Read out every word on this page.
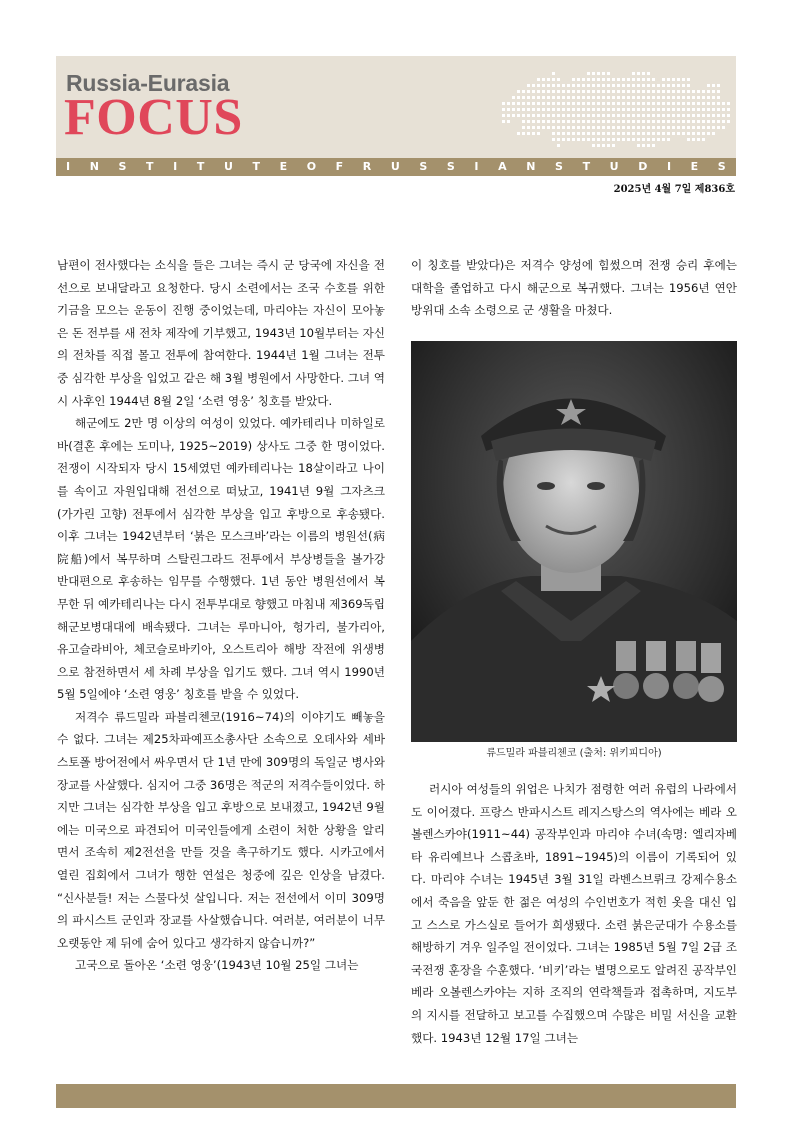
Russia-Eurasia
FOCUS
I N S T I T U T E O F R U S S I A N S T U D I E S
2025년 4월 7일 제836호

남편이 전사했다는 소식을 들은 그녀는 즉시 군 당국에 자신을 전선으로 보내달라고 요청한다. 당시 소련에서는 조국 수호를 위한 기금을 모으는 운동이 진행 중이었는데, 마리야는 자신이 모아놓은 돈 전부를 새 전차 제작에 기부했고, 1943년 10월부터는 자신의 전차를 직접 몰고 전투에 참여한다. 1944년 1월 그녀는 전투 중 심각한 부상을 입었고 같은 해 3월 병원에서 사망한다. 그녀 역시 사후인 1944년 8월 2일 ‘소련 영웅’ 칭호를 받았다.

해군에도 2만 명 이상의 여성이 있었다. 예카테리나 미하일로바(결혼 후에는 도미나, 1925~2019) 상사도 그중 한 명이었다. 전쟁이 시작되자 당시 15세였던 예카테리나는 18살이라고 나이를 속이고 자원입대해 전선으로 떠났고, 1941년 9월 그자츠크(가가린 고향) 전투에서 심각한 부상을 입고 후방으로 후송됐다. 이후 그녀는 1942년부터 ‘붉은 모스크바’라는 이름의 병원선(病院船)에서 복무하며 스탈린그라드 전투에서 부상병들을 볼가강 반대편으로 후송하는 임무를 수행했다. 1년 동안 병원선에서 복무한 뒤 예카테리나는 다시 전투부대로 향했고 마침내 제369독립해군보병대대에 배속됐다. 그녀는 루마니아, 헝가리, 불가리아, 유고슬라비아, 체코슬로바키아, 오스트리아 해방 작전에 위생병으로 참전하면서 세 차례 부상을 입기도 했다. 그녀 역시 1990년 5월 5일에야 ‘소련 영웅’ 칭호를 받을 수 있었다.

저격수 류드밀라 파블리첸코(1916~74)의 이야기도 빼놓을 수 없다. 그녀는 제25차파예프소총사단 소속으로 오데사와 세바스토폴 방어전에서 싸우면서 단 1년 만에 309명의 독일군 병사와 장교를 사살했다. 심지어 그중 36명은 적군의 저격수들이었다. 하지만 그녀는 심각한 부상을 입고 후방으로 보내졌고, 1942년 9월에는 미국으로 파견되어 미국인들에게 소련이 처한 상황을 알리면서 조속히 제2전선을 만들 것을 촉구하기도 했다. 시카고에서 열린 집회에서 그녀가 행한 연설은 청중에 깊은 인상을 남겼다. “신사분들! 저는 스물다섯 살입니다. 저는 전선에서 이미 309명의 파시스트 군인과 장교를 사살했습니다. 여러분, 여러분이 너무 오랫동안 제 뒤에 숨어 있다고 생각하지 않습니까?”

고국으로 돌아온 ‘소련 영웅’(1943년 10월 25일 그녀는

이 칭호를 받았다)은 저격수 양성에 힘썼으며 전쟁 승리 후에는 대학을 졸업하고 다시 해군으로 복귀했다. 그녀는 1956년 연안방위대 소속 소령으로 군 생활을 마쳤다.

류드밀라 파블리첸코 (출처: 위키피디아)

러시아 여성들의 위업은 나치가 점령한 여러 유럽의 나라에서도 이어졌다. 프랑스 반파시스트 레지스탕스의 역사에는 베라 오볼렌스카야(1911~44) 공작부인과 마리야 수녀(속명: 엘리자베타 유리예브나 스콥초바, 1891~1945)의 이름이 기록되어 있다. 마리야 수녀는 1945년 3월 31일 라벤스브뤼크 강제수용소에서 죽음을 앞둔 한 젊은 여성의 수인번호가 적힌 옷을 대신 입고 스스로 가스실로 들어가 희생됐다. 소련 붉은군대가 수용소를 해방하기 겨우 일주일 전이었다. 그녀는 1985년 5월 7일 2급 조국전쟁 훈장을 수훈했다. ‘비키’라는 별명으로도 알려진 공작부인 베라 오볼렌스카야는 지하 조직의 연락책들과 접촉하며, 지도부의 지시를 전달하고 보고를 수집했으며 수많은 비밀 서신을 교환했다. 1943년 12월 17일 그녀는
